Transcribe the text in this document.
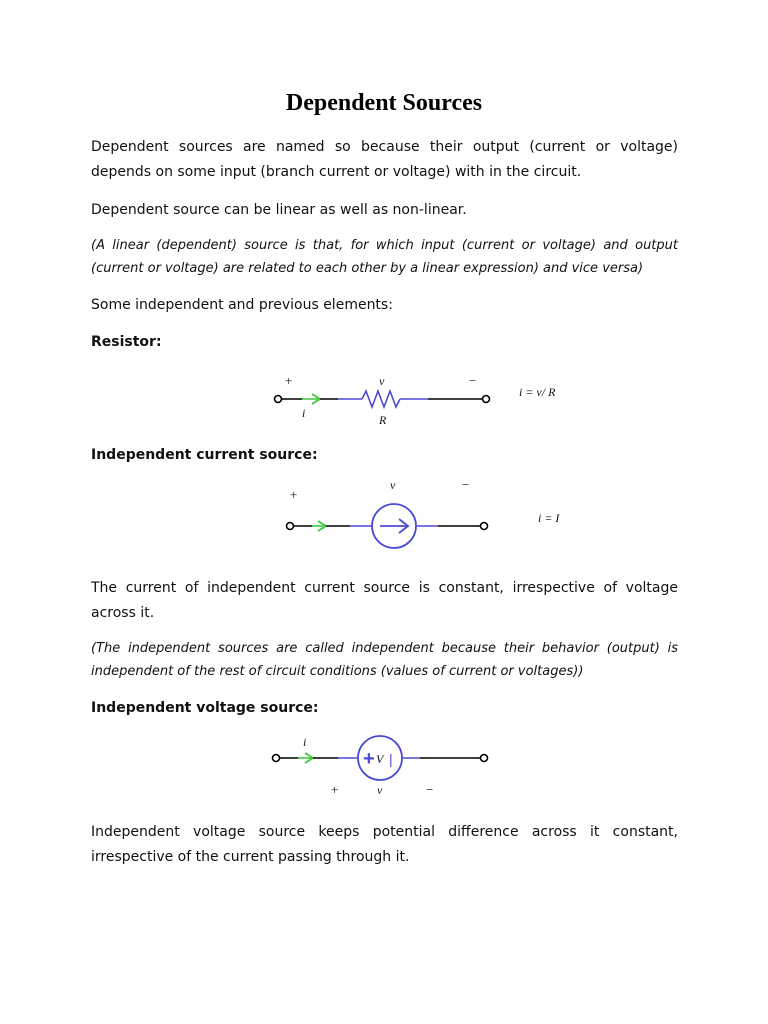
Dependent Sources
Dependent sources are named so because their output (current or voltage) depends on some input (branch current or voltage) with in the circuit.
Dependent source can be linear as well as non-linear.
(A linear (dependent) source is that, for which input (current or voltage) and output (current or voltage) are related to each other by a linear expression) and vice versa)
Some independent and previous elements:
Resistor:
+	v	−
i	R
i = v/ R
Independent current source:
+
v	−
i = I
The current of independent current source is constant, irrespective of voltage across it.
(The independent sources are called independent because their behavior (output) is independent of the rest of circuit conditions (values of current or voltages))
Independent voltage source:
i
+ V |
+	v	−
Independent voltage source keeps potential difference across it constant, irrespective of the current passing through it.
